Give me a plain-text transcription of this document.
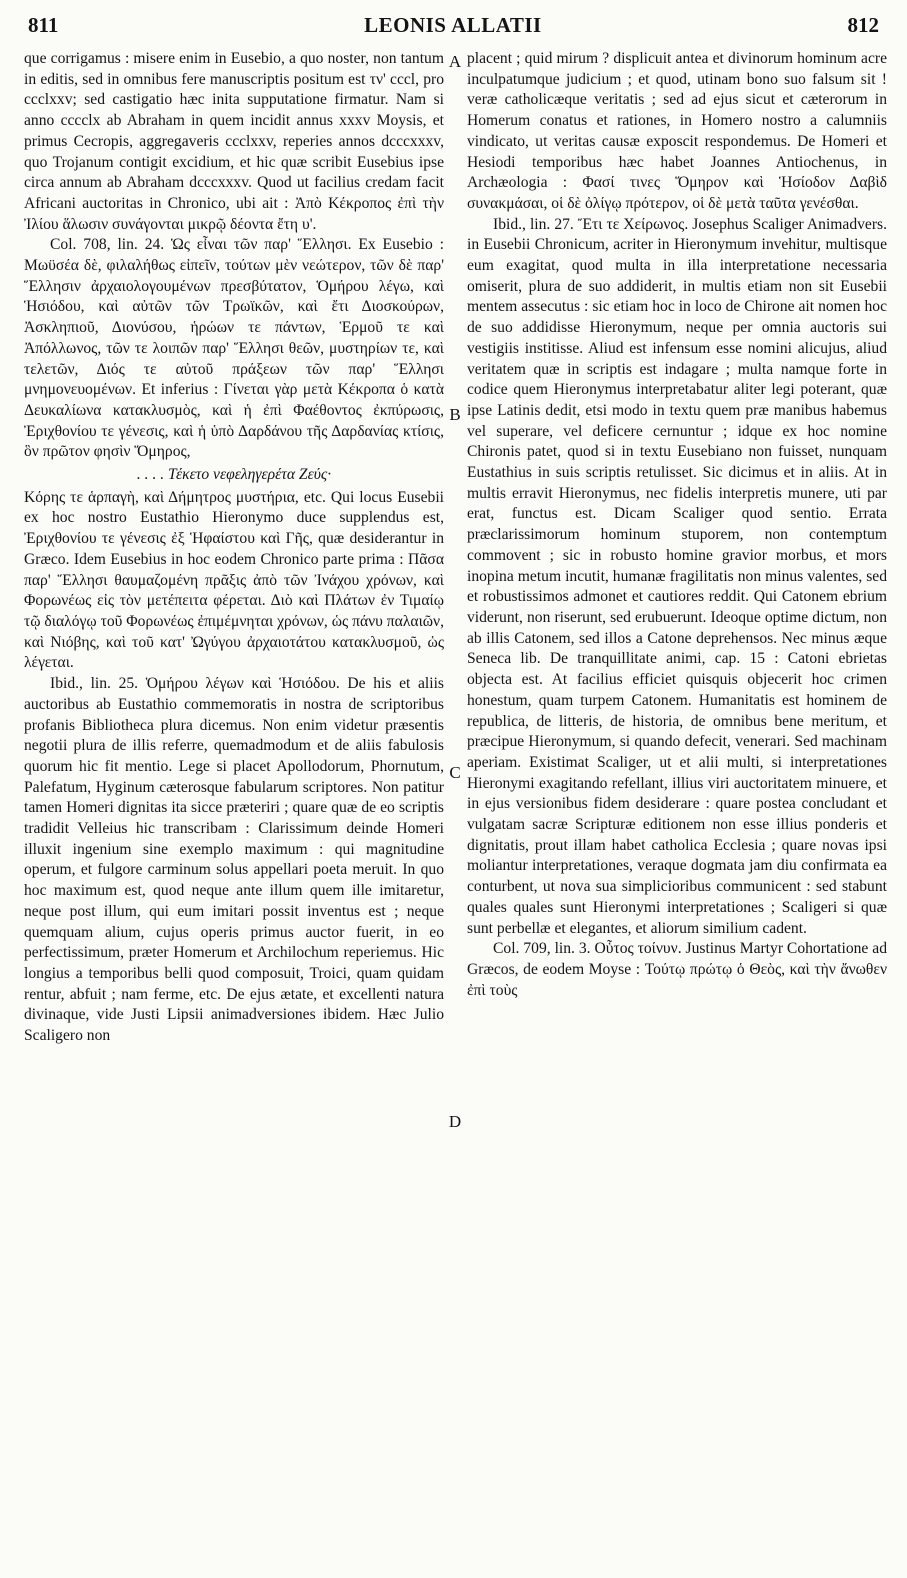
811	LEONIS ALLATII	812
A
B
C
D

que corrigamus : misere enim in Eusebio, a quo noster, non tantum in editis, sed in omnibus fere manuscriptis positum est τν' cccl, pro ccclxxv; sed castigatio hæc inita supputatione firmatur. Nam si anno cccclx ab Abraham in quem incidit annus xxxv Moysis, et primus Cecropis, aggregaveris ccclxxv, reperies annos dcccxxxv, quo Trojanum contigit excidium, et hic quæ scribit Eusebius ipse circa annum ab Abraham dcccxxxv. Quod ut facilius credam facit Africani auctoritas in Chronico, ubi ait : Ἀπὸ Κέκροπος ἐπὶ τὴν Ἰλίου ἅλωσιν συνάγονται μικρῷ δέοντα ἔτη υ'.

Col. 708, lin. 24. Ὡς εἶναι τῶν παρ' Ἕλλησι. Ex Eusebio : Μωϋσέα δὲ, φιλαλήθως εἰπεῖν, τούτων μὲν νεώτερον, τῶν δὲ παρ' Ἕλλησιν ἀρχαιολογουμένων πρεσβύτατον, Ὁμήρου λέγω, καὶ Ἡσιόδου, καὶ αὐτῶν τῶν Τρωϊκῶν, καὶ ἔτι Διοσκούρων, Ἀσκληπιοῦ, Διονύσου, ἡρώων τε πάντων, Ἑρμοῦ τε καὶ Ἀπόλλωνος, τῶν τε λοιπῶν παρ' Ἕλλησι θεῶν, μυστηρίων τε, καὶ τελετῶν, Διός τε αὐτοῦ πράξεων τῶν παρ' Ἕλλησι μνημονευομένων. Et inferius : Γίνεται γὰρ μετὰ Κέκροπα ὁ κατὰ Δευκαλίωνα κατακλυσμὸς, καὶ ἡ ἐπὶ Φαέθοντος ἐκπύρωσις, Ἐριχθονίου τε γένεσις, καὶ ἡ ὑπὸ Δαρδάνου τῆς Δαρδανίας κτίσις, ὃν πρῶτον φησὶν Ὅμηρος,

. . . . Τέκετο νεφεληγερέτα Ζεύς·

Κόρης τε ἁρπαγὴ, καὶ Δήμητρος μυστήρια, etc. Qui locus Eusebii ex hoc nostro Eustathio Hieronymo duce supplendus est, Ἐριχθονίου τε γένεσις ἐξ Ἡφαίστου καὶ Γῆς, quæ desiderantur in Græco. Idem Eusebius in hoc eodem Chronico parte prima : Πᾶσα παρ' Ἕλλησι θαυμαζομένη πρᾶξις ἀπὸ τῶν Ἰνάχου χρόνων, καὶ Φορωνέως εἰς τὸν μετέπειτα φέρεται. Διὸ καὶ Πλάτων ἐν Τιμαίῳ τῷ διαλόγῳ τοῦ Φορωνέως ἐπιμέμνηται χρόνων, ὡς πάνυ παλαιῶν, καὶ Νιόβης, καὶ τοῦ κατ' Ὠγύγου ἀρχαιοτάτου κατακλυσμοῦ, ὡς λέγεται.

Ibid., lin. 25. Ὁμήρου λέγων καὶ Ἡσιόδου. De his et aliis auctoribus ab Eustathio commemoratis in nostra de scriptoribus profanis Bibliotheca plura dicemus. Non enim videtur præsentis negotii plura de illis referre, quemadmodum et de aliis fabulosis quorum hic fit mentio. Lege si placet Apollodorum, Phornutum, Palefatum, Hyginum cæterosque fabularum scriptores. Non patitur tamen Homeri dignitas ita sicce præteriri ; quare quæ de eo scriptis tradidit Velleius hic transcribam : Clarissimum deinde Homeri illuxit ingenium sine exemplo maximum : qui magnitudine operum, et fulgore carminum solus appellari poeta meruit. In quo hoc maximum est, quod neque ante illum quem ille imitaretur, neque post illum, qui eum imitari possit inventus est ; neque quemquam alium, cujus operis primus auctor fuerit, in eo perfectissimum, præter Homerum et Archilochum reperiemus. Hic longius a temporibus belli quod composuit, Troici, quam quidam rentur, abfuit ; nam ferme, etc. De ejus ætate, et excellenti natura divinaque, vide Justi Lipsii animadversiones ibidem. Hæc Julio Scaligero non

placent ; quid mirum ? displicuit antea et divinorum hominum acre inculpatumque judicium ; et quod, utinam bono suo falsum sit ! veræ catholicæque veritatis ; sed ad ejus sicut et cæterorum in Homerum conatus et rationes, in Homero nostro a calumniis vindicato, ut veritas causæ exposcit respondemus. De Homeri et Hesiodi temporibus hæc habet Joannes Antiochenus, in Archæologia : Φασί τινες Ὅμηρον καὶ Ἡσίοδον Δαβὶδ συνακμάσαι, οἱ δὲ ὀλίγῳ πρότερον, οἱ δὲ μετὰ ταῦτα γενέσθαι.

Ibid., lin. 27. Ἔτι τε Χείρωνος. Josephus Scaliger Animadvers. in Eusebii Chronicum, acriter in Hieronymum invehitur, multisque eum exagitat, quod multa in illa interpretatione necessaria omiserit, plura de suo addiderit, in multis etiam non sit Eusebii mentem assecutus : sic etiam hoc in loco de Chirone ait nomen hoc de suo addidisse Hieronymum, neque per omnia auctoris sui vestigiis institisse. Aliud est infensum esse nomini alicujus, aliud veritatem quæ in scriptis est indagare ; multa namque forte in codice quem Hieronymus interpretabatur aliter legi poterant, quæ ipse Latinis dedit, etsi modo in textu quem præ manibus habemus vel superare, vel deficere cernuntur ; idque ex hoc nomine Chironis patet, quod si in textu Eusebiano non fuisset, nunquam Eustathius in suis scriptis retulisset. Sic dicimus et in aliis. At in multis erravit Hieronymus, nec fidelis interpretis munere, uti par erat, functus est. Dicam Scaliger quod sentio. Errata præclarissimorum hominum stuporem, non contemptum commovent ; sic in robusto homine gravior morbus, et mors inopina metum incutit, humanæ fragilitatis non minus valentes, sed et robustissimos admonet et cautiores reddit. Qui Catonem ebrium viderunt, non riserunt, sed erubuerunt. Ideoque optime dictum, non ab illis Catonem, sed illos a Catone deprehensos. Nec minus æque Seneca lib. De tranquillitate animi, cap. 15 : Catoni ebrietas objecta est. At facilius efficiet quisquis objecerit hoc crimen honestum, quam turpem Catonem. Humanitatis est hominem de republica, de litteris, de historia, de omnibus bene meritum, et præcipue Hieronymum, si quando defecit, venerari. Sed machinam aperiam. Existimat Scaliger, ut et alii multi, si interpretationes Hieronymi exagitando refellant, illius viri auctoritatem minuere, et in ejus versionibus fidem desiderare : quare postea concludant et vulgatam sacræ Scripturæ editionem non esse illius ponderis et dignitatis, prout illam habet catholica Ecclesia ; quare novas ipsi moliantur interpretationes, veraque dogmata jam diu confirmata ea conturbent, ut nova sua simplicioribus communicent : sed stabunt quales quales sunt Hieronymi interpretationes ; Scaligeri si quæ sunt perbellæ et elegantes, et aliorum similium cadent.

Col. 709, lin. 3. Οὗτος τοίνυν. Justinus Martyr Cohortatione ad Græcos, de eodem Moyse : Τούτῳ πρώτῳ ὁ Θεὸς, καὶ τὴν ἄνωθεν ἐπὶ τοὺς
